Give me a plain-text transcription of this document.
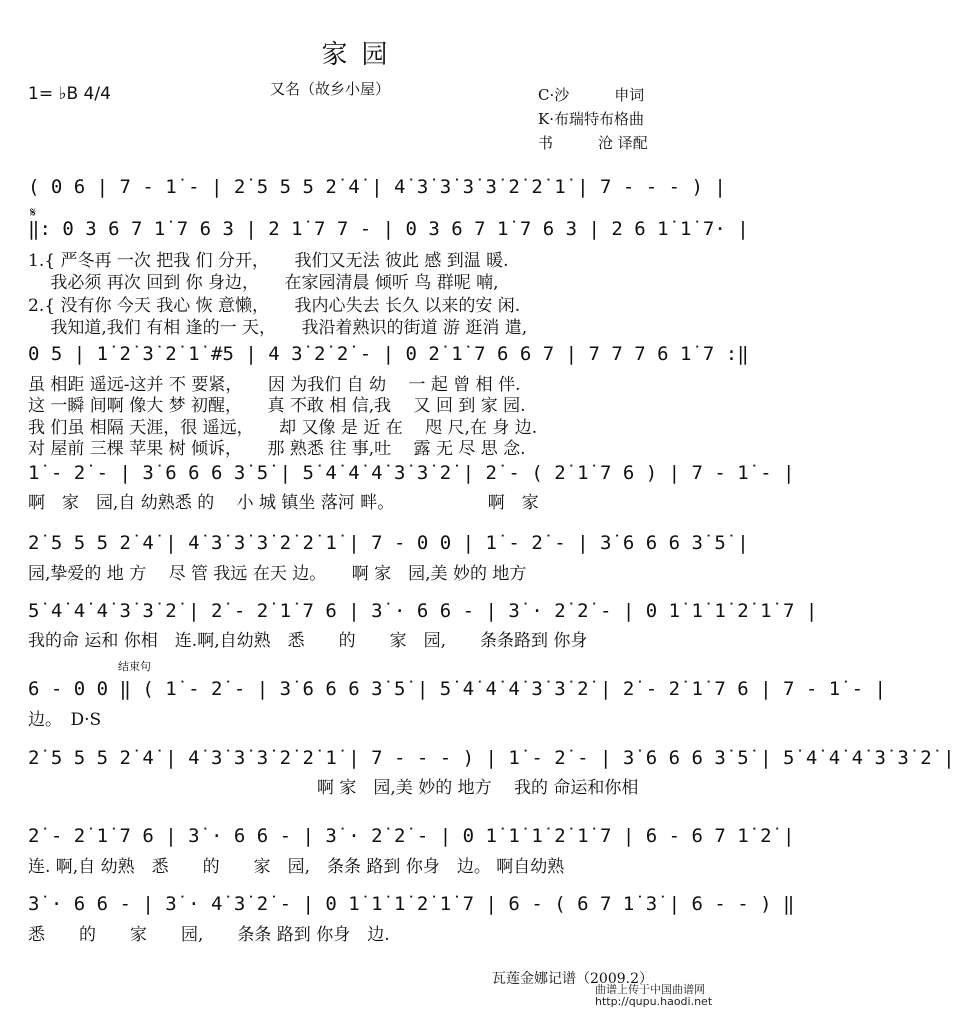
家园
又名（故乡小屋）
1= ♭B 4/4	C·沙　　　申词
K·布瑞特布格曲
书　　　沧 译配
𝄋
( 0 6 | 7 - 1̇ - | 2̇ 5 5 5 2̇ 4̇ | 4̇ 3̇ 3̇ 3̇ 3̇ 2̇ 2̇ 1̇ | 7 - - - ) |
‖: 0 3 6 7 1̇ 7 6 3 | 2 1̇ 7 7 - | 0 3 6 7 1̇ 7 6 3 | 2 6 1̇ 1̇ 7· |
1.{ 严冬再 一次 把我 们 分开，　　我们又无法 彼此 感 到温 暖.
　 我必须 再次 回到 你 身边，　　在家园清晨 倾听 鸟 群呢 喃,
2.{ 没有你 今天 我心 恢 意懒，　　我内心失去 长久 以来的安 闲.
　 我知道,我们 有相 逢的一 天，　　我沿着熟识的街道 游 逛消 遣,
0 5 | 1̇ 2̇ 3̇ 2̇ 1̇ #5 | 4 3̇ 2̇ 2̇ - | 0 2̇ 1̇ 7 6 6 7 | 7 7 7 6 1̇ 7 :‖
虽 相距 遥远-这并 不 要紧，　　因 为我们 自 幼　 一 起 曾 相 伴.
这 一瞬 间啊 像大 梦 初醒，　　真 不敢 相 信,我　 又 回 到 家 园.
我 们虽 相隔 天涯，很 遥远，　　却 又像 是 近 在　 咫 尺,在 身 边.
对 屋前 三棵 苹果 树 倾诉，　　那 熟悉 往 事,吐　 露 无 尽 思 念.
1̇ - 2̇ - | 3̇ 6 6 6 3̇ 5̇ | 5̇ 4̇ 4̇ 4̇ 3̇ 3̇ 2̇ | 2̇ - ( 2̇ 1̇ 7 6 ) | 7 - 1̇ - |
啊　家　园,自 幼熟悉 的　 小 城 镇坐 落河 畔。　　　　　　啊　家
2̇ 5 5 5 2̇ 4̇ | 4̇ 3̇ 3̇ 3̇ 2̇ 2̇ 1̇ | 7 - 0 0 | 1̇ - 2̇ - | 3̇ 6 6 6 3̇ 5̇ |
园,挚爱的 地 方　 尽 管 我远 在天 边。　　啊 家　园,美 妙的 地方
5̇ 4̇ 4̇ 4̇ 3̇ 3̇ 2̇ | 2̇ - 2̇ 1̇ 7 6 | 3̇ · 6 6 - | 3̇ · 2̇ 2̇ - | 0 1̇ 1̇ 1̇ 2̇ 1̇ 7 |
我的命 运和 你相　连.啊,自幼熟　悉　　的　　家　园,　　条条路到 你身
结束句
6 - 0 0 ‖ ( 1̇ - 2̇ - | 3̇ 6 6 6 3̇ 5̇ | 5̇ 4̇ 4̇ 4̇ 3̇ 3̇ 2̇ | 2̇ - 2̇ 1̇ 7 6 | 7 - 1̇ - |
边。　D·S
2̇ 5 5 5 2̇ 4̇ | 4̇ 3̇ 3̇ 3̇ 2̇ 2̇ 1̇ | 7 - - - ) | 1̇ - 2̇ - | 3̇ 6 6 6 3̇ 5̇ | 5̇ 4̇ 4̇ 4̇ 3̇ 3̇ 2̇ |
　　　　　　　　　　　　　　　　　啊 家　园,美 妙的 地方　 我的 命运和你相
2̇ - 2̇ 1̇ 7 6 | 3̇ · 6 6 - | 3̇ · 2̇ 2̇ - | 0 1̇ 1̇ 1̇ 2̇ 1̇ 7 | 6 - 6 7 1̇ 2̇ |
连. 啊,自 幼熟　悉　　的　　家　园,　条条 路到 你身　边。 啊自幼熟
3̇ · 6 6 - | 3̇ · 4̇ 3̇ 2̇ - | 0 1̇ 1̇ 1̇ 2̇ 1̇ 7 | 6 - ( 6 7 1̇ 3̇ | 6 - - ) ‖
悉　　的　　家　　园,　　条条 路到 你身　边.
瓦莲金娜记谱（2009.2）
曲谱上传于中国曲谱网
http://qupu.haodi.net
